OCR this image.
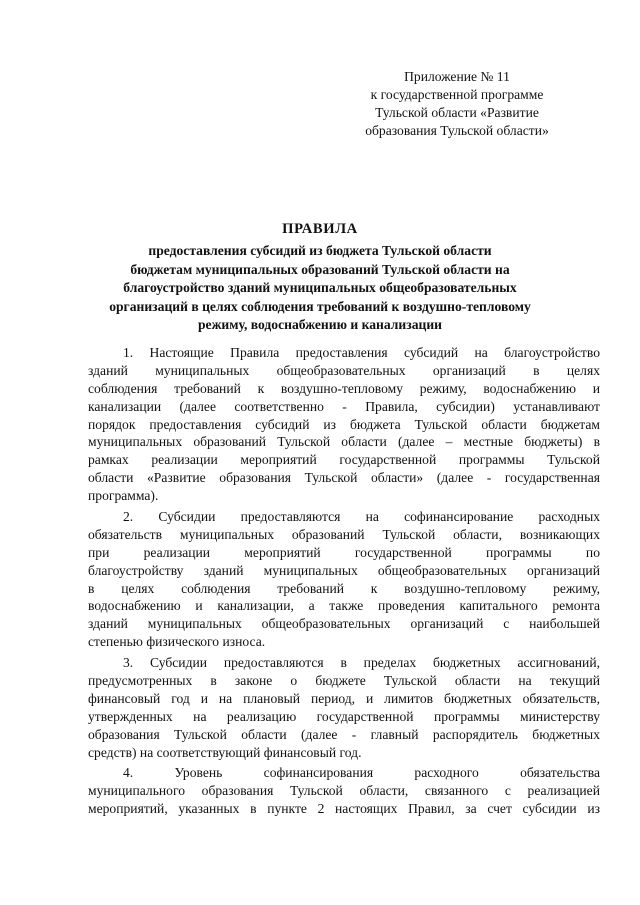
Приложение № 11
к государственной программе
Тульской области «Развитие
образования Тульской области»
ПРАВИЛА
предоставления субсидий из бюджета Тульской области
бюджетам муниципальных образований Тульской области на
благоустройство зданий муниципальных общеобразовательных
организаций в целях соблюдения требований к воздушно-тепловому
режиму, водоснабжению и канализации
1. Настоящие Правила предоставления субсидий на благоустройство
зданий муниципальных общеобразовательных организаций в целях
соблюдения требований к воздушно-тепловому режиму, водоснабжению и
канализации (далее соответственно - Правила, субсидии) устанавливают
порядок предоставления субсидий из бюджета Тульской области бюджетам
муниципальных образований Тульской области (далее – местные бюджеты) в
рамках реализации мероприятий государственной программы Тульской
области «Развитие образования Тульской области» (далее - государственная
программа).
2. Субсидии предоставляются на софинансирование расходных
обязательств муниципальных образований Тульской области, возникающих
при реализации мероприятий государственной программы по
благоустройству зданий муниципальных общеобразовательных организаций
в целях соблюдения требований к воздушно-тепловому режиму,
водоснабжению и канализации, а также проведения капитального ремонта
зданий муниципальных общеобразовательных организаций с наибольшей
степенью физического износа.
3. Субсидии предоставляются в пределах бюджетных ассигнований,
предусмотренных в законе о бюджете Тульской области на текущий
финансовый год и на плановый период, и лимитов бюджетных обязательств,
утвержденных на реализацию государственной программы министерству
образования Тульской области (далее - главный распорядитель бюджетных
средств) на соответствующий финансовый год.
4. Уровень софинансирования расходного обязательства
муниципального образования Тульской области, связанного с реализацией
мероприятий, указанных в пункте 2 настоящих Правил, за счет субсидии из
